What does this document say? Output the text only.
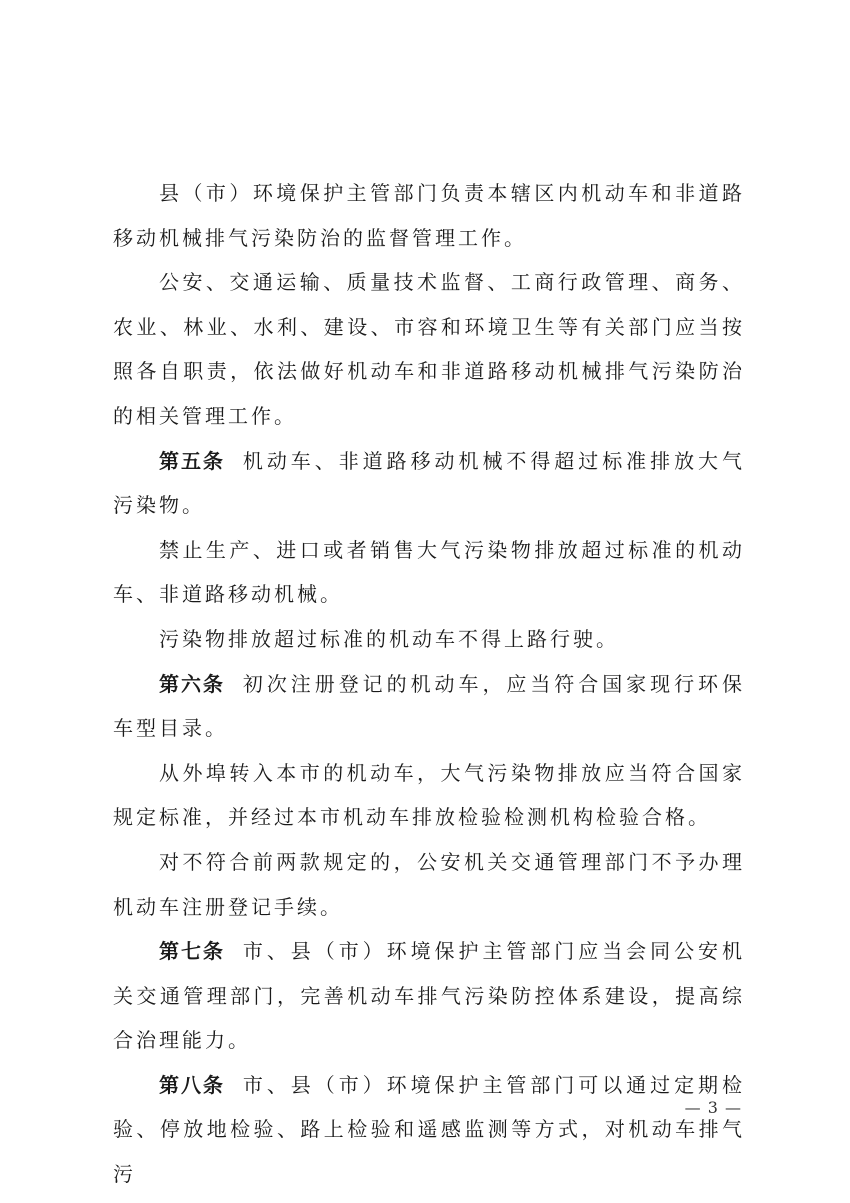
县（市）环境保护主管部门负责本辖区内机动车和非道路移动机械排气污染防治的监督管理工作。

公安、交通运输、质量技术监督、工商行政管理、商务、农业、林业、水利、建设、市容和环境卫生等有关部门应当按照各自职责，依法做好机动车和非道路移动机械排气污染防治的相关管理工作。

第五条 机动车、非道路移动机械不得超过标准排放大气污染物。

禁止生产、进口或者销售大气污染物排放超过标准的机动车、非道路移动机械。

污染物排放超过标准的机动车不得上路行驶。

第六条 初次注册登记的机动车，应当符合国家现行环保车型目录。

从外埠转入本市的机动车，大气污染物排放应当符合国家规定标准，并经过本市机动车排放检验检测机构检验合格。

对不符合前两款规定的，公安机关交通管理部门不予办理机动车注册登记手续。

第七条 市、县（市）环境保护主管部门应当会同公安机关交通管理部门，完善机动车排气污染防控体系建设，提高综合治理能力。

第八条 市、县（市）环境保护主管部门可以通过定期检验、停放地检验、路上检验和遥感监测等方式，对机动车排气污

— 3 —
